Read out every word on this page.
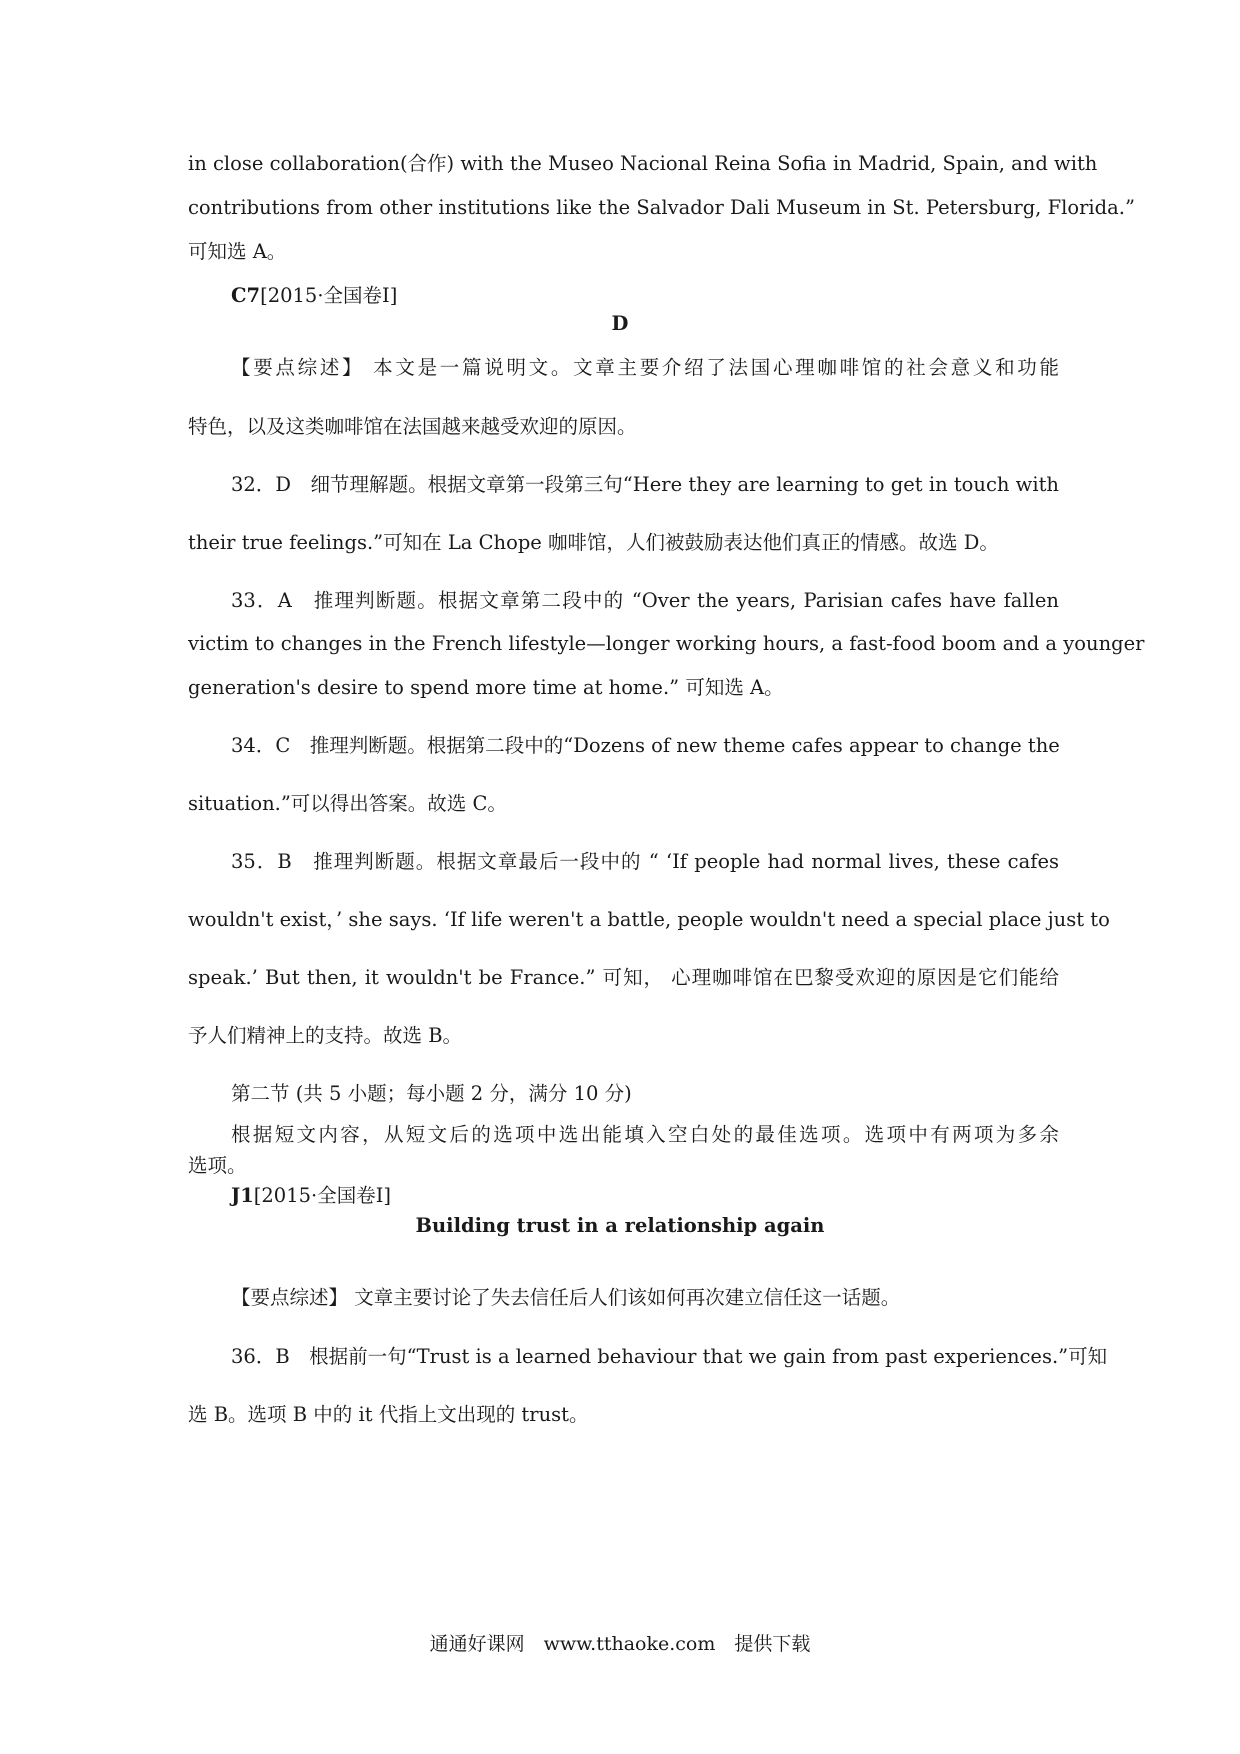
in close collaboration(合作) with the Museo Nacional Reina Sofia in Madrid, Spain, and with
contributions from other institutions like the Salvador Dali Museum in St. Petersburg, Florida.”
可知选 A。
C7[2015·全国卷Ⅰ]
D
【要点综述】 本文是一篇说明文。文章主要介绍了法国心理咖啡馆的社会意义和功能
特色，以及这类咖啡馆在法国越来越受欢迎的原因。
32．D　细节理解题。根据文章第一段第三句“Here they are learning to get in touch with
their true feelings.”可知在 La Chope 咖啡馆，人们被鼓励表达他们真正的情感。故选 D。
33．A　推理判断题。根据文章第二段中的 “Over the years, Parisian cafes have fallen
victim to changes in the French lifestyle—longer working hours, a fast-food boom and a younger
generation's desire to spend more time at home.” 可知选 A。
34．C　推理判断题。根据第二段中的“Dozens of new theme cafes appear to change the
situation.”可以得出答案。故选 C。
35．B　推理判断题。根据文章最后一段中的 “ ‘If people had normal lives, these cafes
wouldn't exist，’ she says. ‘If life weren't a battle, people wouldn't need a special place just to
speak.’ But then, it wouldn't be France.” 可知， 心理咖啡馆在巴黎受欢迎的原因是它们能给
予人们精神上的支持。故选 B。
第二节 (共 5 小题；每小题 2 分，满分 10 分)
根据短文内容，从短文后的选项中选出能填入空白处的最佳选项。选项中有两项为多余
选项。
J1[2015·全国卷Ⅰ]
Building trust in a relationship again
【要点综述】 文章主要讨论了失去信任后人们该如何再次建立信任这一话题。
36．B　根据前一句“Trust is a learned behaviour that we gain from past experiences.”可知
选 B。选项 B 中的 it 代指上文出现的 trust。
通通好课网　www.tthaoke.com　提供下载
